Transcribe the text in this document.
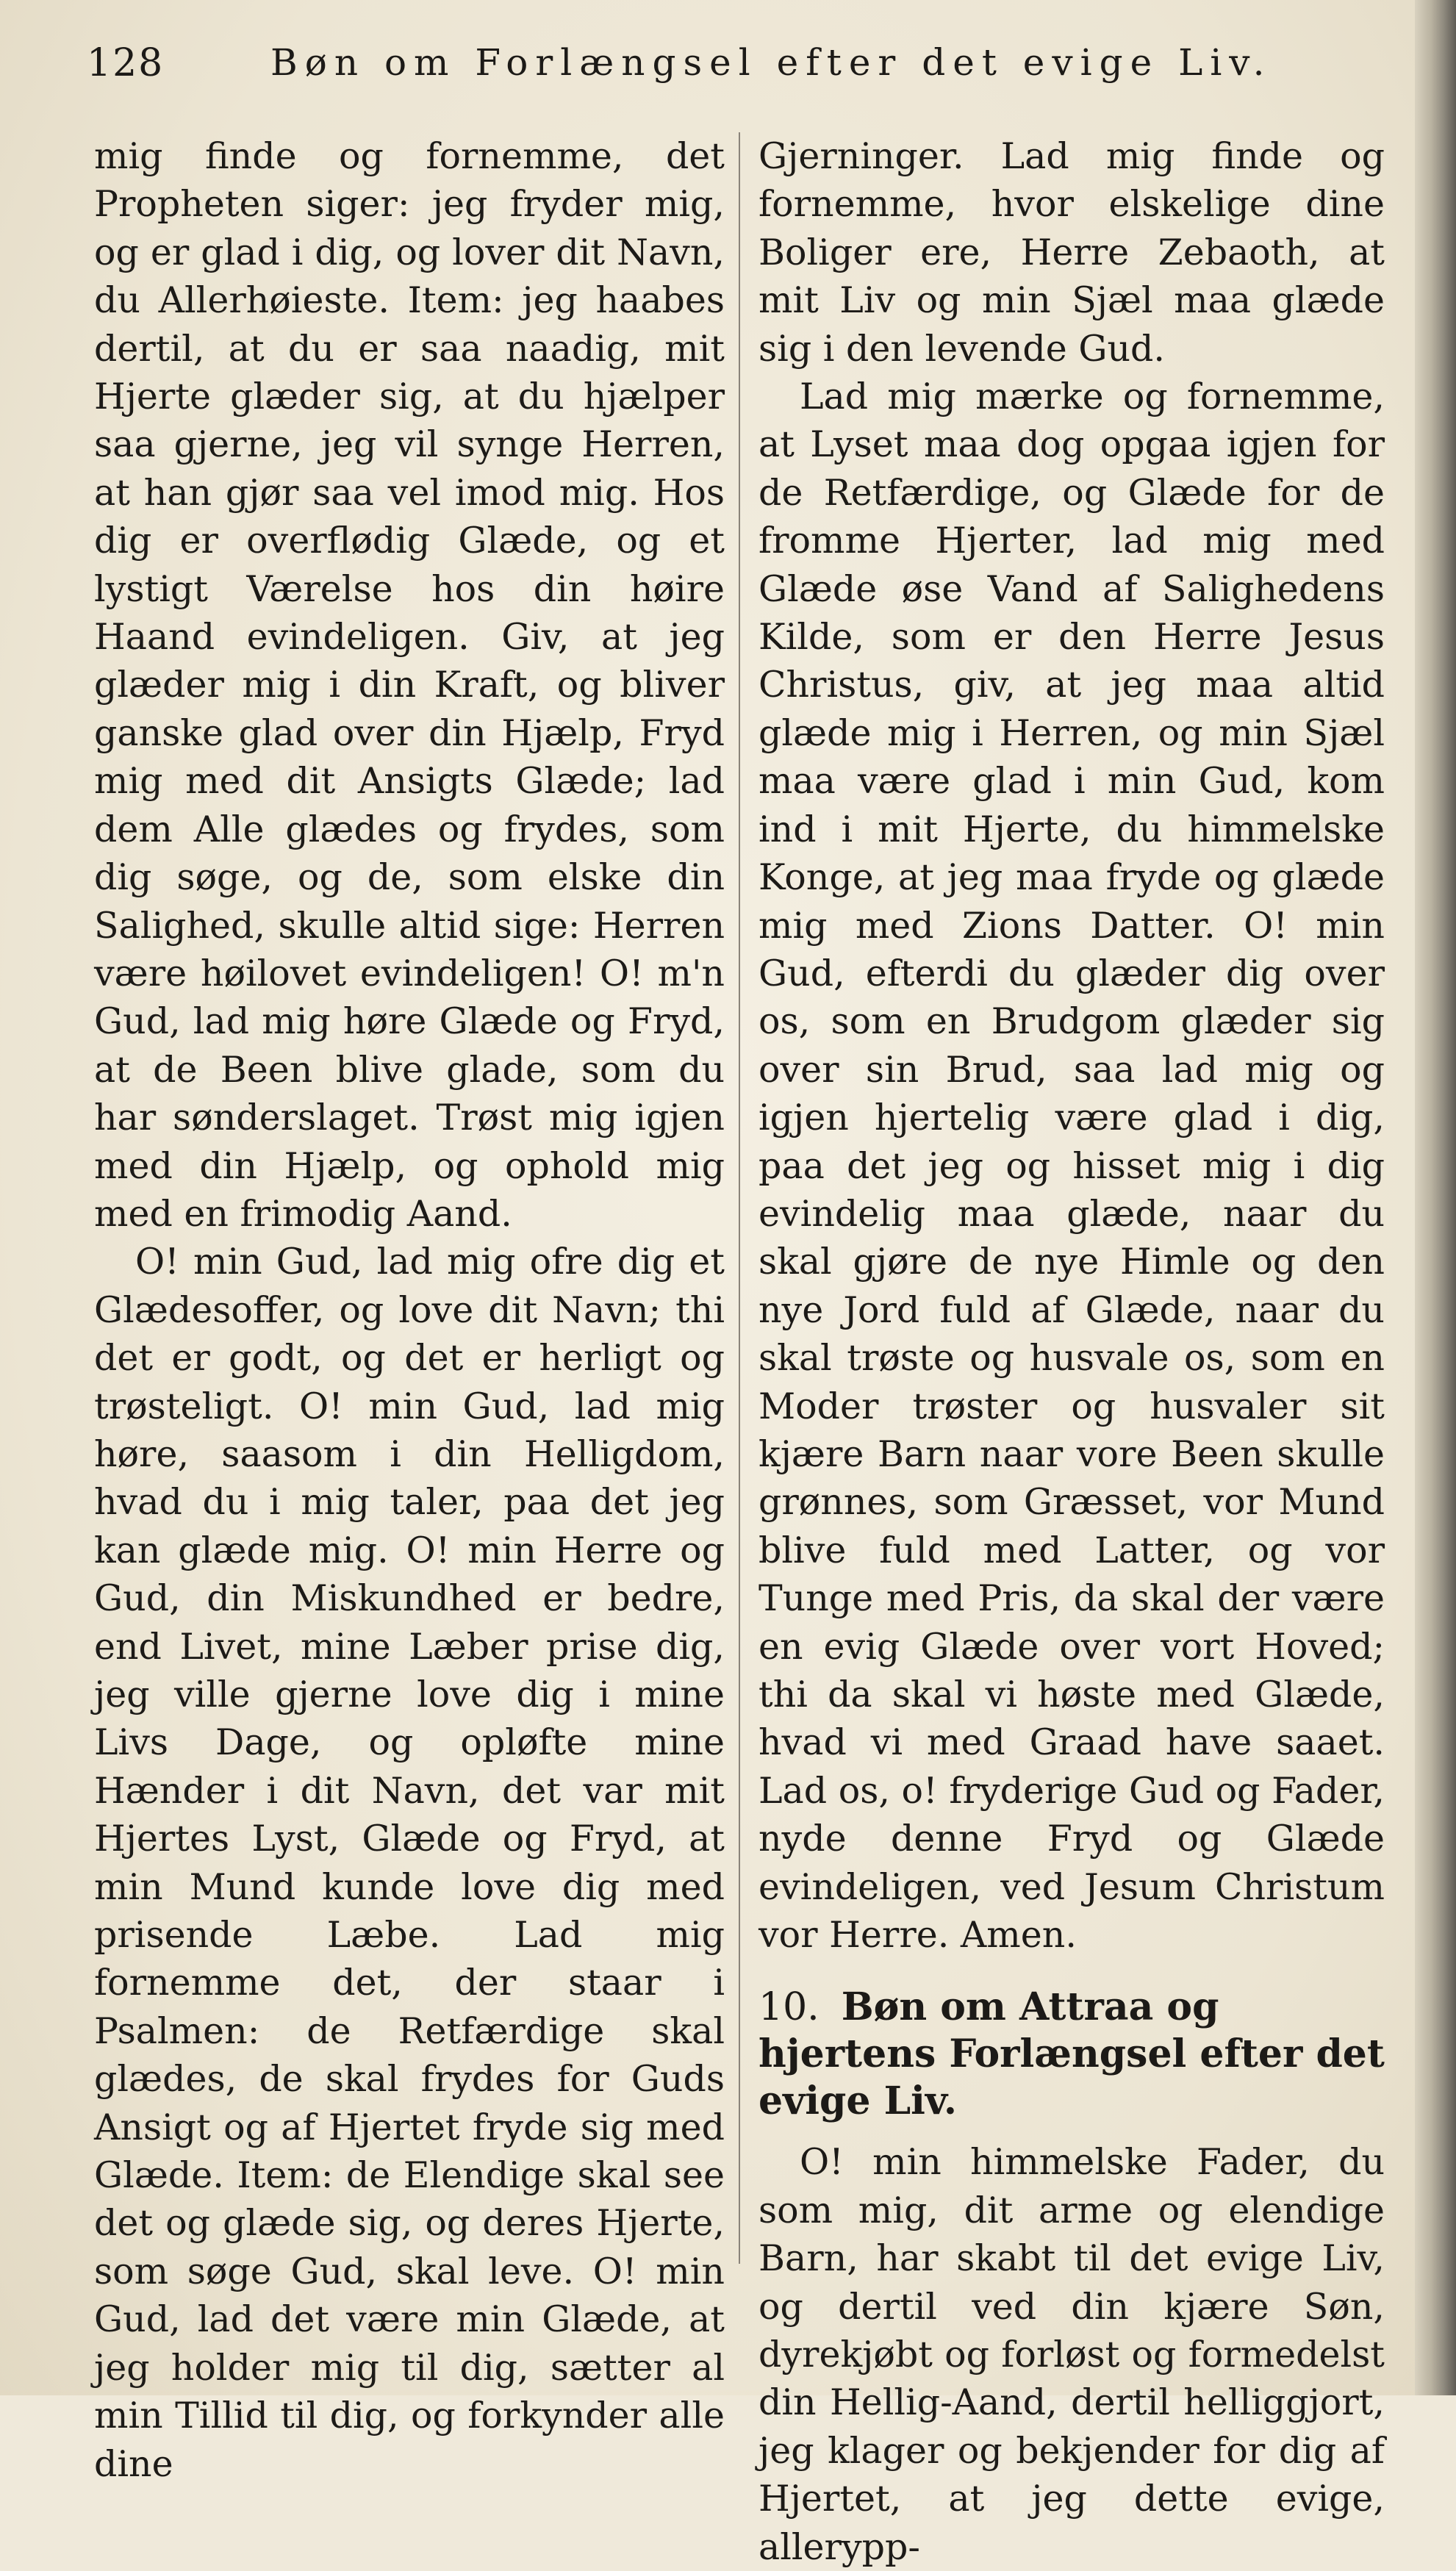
128	Bøn om Forlængsel efter det evige Liv.

mig finde og fornemme, det Propheten siger: jeg fryder mig, og er glad i dig, og lover dit Navn, du Allerhøieste. Item: jeg haabes dertil, at du er saa naadig, mit Hjerte glæder sig, at du hjælper saa gjerne, jeg vil synge Herren, at han gjør saa vel imod mig. Hos dig er overflødig Glæde, og et lystigt Værelse hos din høire Haand evindeligen. Giv, at jeg glæder mig i din Kraft, og bliver ganske glad over din Hjælp, Fryd mig med dit Ansigts Glæde; lad dem Alle glædes og frydes, som dig søge, og de, som elske din Salighed, skulle altid sige: Herren være høilovet evindeligen! O! m'n Gud, lad mig høre Glæde og Fryd, at de Been blive glade, som du har sønderslaget. Trøst mig igjen med din Hjælp, og ophold mig med en frimodig Aand.

O! min Gud, lad mig ofre dig et Glædesoffer, og love dit Navn; thi det er godt, og det er herligt og trøsteligt. O! min Gud, lad mig høre, saasom i din Helligdom, hvad du i mig taler, paa det jeg kan glæde mig. O! min Herre og Gud, din Miskundhed er bedre, end Livet, mine Læber prise dig, jeg ville gjerne love dig i mine Livs Dage, og opløfte mine Hænder i dit Navn, det var mit Hjertes Lyst, Glæde og Fryd, at min Mund kunde love dig med prisende Læbe. Lad mig fornemme det, der staar i Psalmen: de Retfærdige skal glædes, de skal frydes for Guds Ansigt og af Hjertet fryde sig med Glæde. Item: de Elendige skal see det og glæde sig, og deres Hjerte, som søge Gud, skal leve. O! min Gud, lad det være min Glæde, at jeg holder mig til dig, sætter al min Tillid til dig, og forkynder alle dine

Gjerninger. Lad mig finde og fornemme, hvor elskelige dine Boliger ere, Herre Zebaoth, at mit Liv og min Sjæl maa glæde sig i den levende Gud.

Lad mig mærke og fornemme, at Lyset maa dog opgaa igjen for de Retfærdige, og Glæde for de fromme Hjerter, lad mig med Glæde øse Vand af Salighedens Kilde, som er den Herre Jesus Christus, giv, at jeg maa altid glæde mig i Herren, og min Sjæl maa være glad i min Gud, kom ind i mit Hjerte, du himmelske Konge, at jeg maa fryde og glæde mig med Zions Datter. O! min Gud, efterdi du glæder dig over os, som en Brudgom glæder sig over sin Brud, saa lad mig og igjen hjertelig være glad i dig, paa det jeg og hisset mig i dig evindelig maa glæde, naar du skal gjøre de nye Himle og den nye Jord fuld af Glæde, naar du skal trøste og husvale os, som en Moder trøster og husvaler sit kjære Barn naar vore Been skulle grønnes, som Græsset, vor Mund blive fuld med Latter, og vor Tunge med Pris, da skal der være en evig Glæde over vort Hoved; thi da skal vi høste med Glæde, hvad vi med Graad have saaet. Lad os, o! fryderige Gud og Fader, nyde denne Fryd og Glæde evindeligen, ved Jesum Christum vor Herre. Amen.

10. Bøn om Attraa og hjertens Forlængsel efter det evige Liv.

O! min himmelske Fader, du som mig, dit arme og elendige Barn, har skabt til det evige Liv, og dertil ved din kjære Søn, dyrekjøbt og forløst og formedelst din Hellig-Aand, dertil helliggjort, jeg klager og bekjender for dig af Hjertet, at jeg dette evige, allerypp-
